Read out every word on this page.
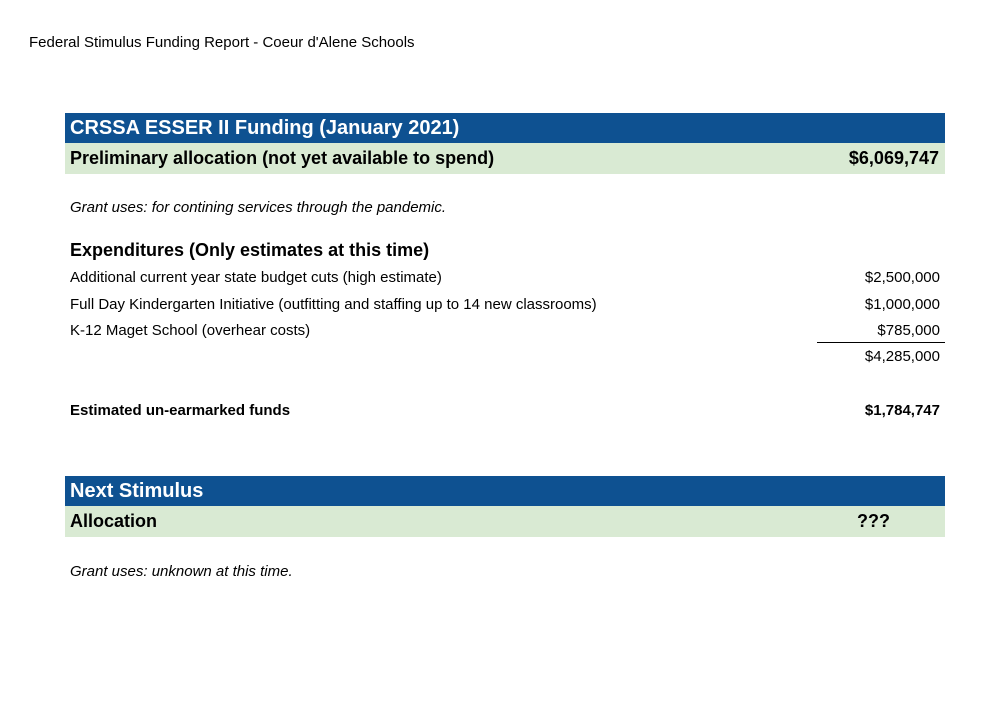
Federal Stimulus Funding Report - Coeur d'Alene Schools
CRSSA ESSER II Funding (January 2021)
Preliminary allocation (not yet available to spend)	$6,069,747
Grant uses: for contining services through the pandemic.
Expenditures (Only estimates at this time)
Additional current year state budget cuts (high estimate)	$2,500,000
Full Day Kindergarten Initiative (outfitting and staffing up to 14 new classrooms)	$1,000,000
K-12 Maget School (overhear costs)	$785,000
$4,285,000
Estimated un-earmarked funds	$1,784,747
Next Stimulus
Allocation	???
Grant uses: unknown at this time.
